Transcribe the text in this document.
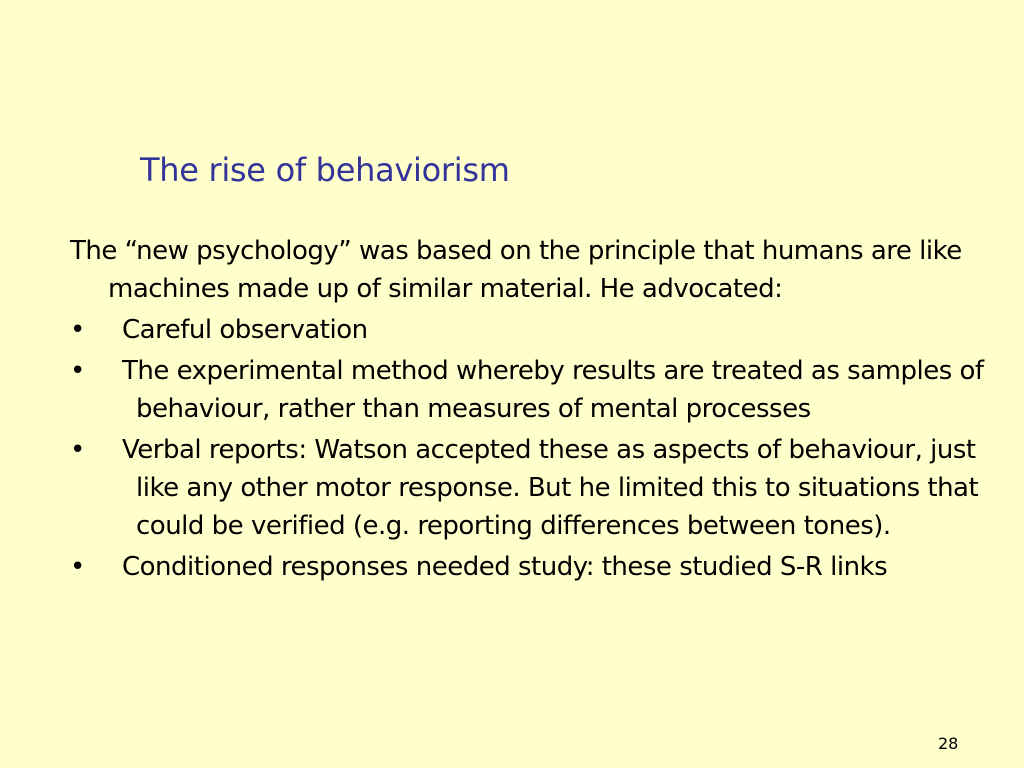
The rise of behaviorism

The “new psychology” was based on the principle that humans are like machines made up of similar material. He advocated:

• Careful observation
• The experimental method whereby results are treated as samples of behaviour, rather than measures of mental processes
• Verbal reports: Watson accepted these as aspects of behaviour, just like any other motor response. But he limited this to situations that could be verified (e.g. reporting differences between tones).
• Conditioned responses needed study: these studied S-R links
28
